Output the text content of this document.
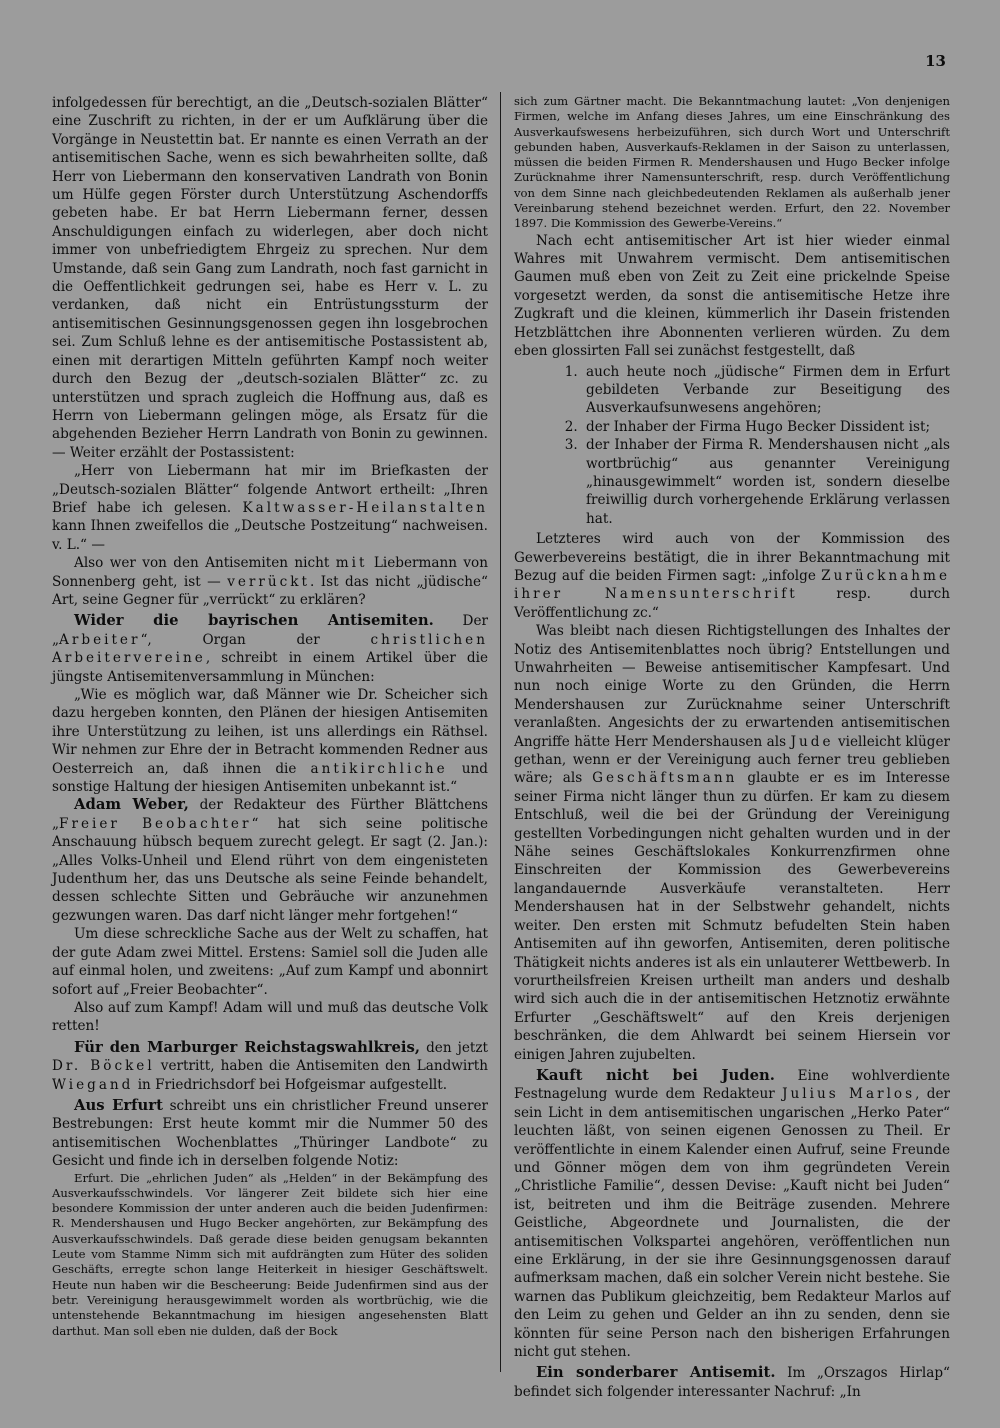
13

infolgedessen für berechtigt, an die „Deutsch-sozialen Blätter“ eine Zuschrift zu richten, in der er um Aufklärung über die Vorgänge in Neustettin bat. Er nannte es einen Verrath an der antisemitischen Sache, wenn es sich bewahrheiten sollte, daß Herr von Liebermann den konservativen Landrath von Bonin um Hülfe gegen Förster durch Unterstützung Aschendorffs gebeten habe. Er bat Herrn Liebermann ferner, dessen Anschuldigungen einfach zu widerlegen, aber doch nicht immer von unbefriedigtem Ehrgeiz zu sprechen. Nur dem Umstande, daß sein Gang zum Landrath, noch fast garnicht in die Oeffentlichkeit gedrungen sei, habe es Herr v. L. zu verdanken, daß nicht ein Entrüstungssturm der antisemitischen Gesinnungsgenossen gegen ihn losgebrochen sei. Zum Schluß lehne es der antisemitische Postassistent ab, einen mit derartigen Mitteln geführten Kampf noch weiter durch den Bezug der „deutsch-sozialen Blätter“ zc. zu unterstützen und sprach zugleich die Hoffnung aus, daß es Herrn von Liebermann gelingen möge, als Ersatz für die abgehenden Bezieher Herrn Landrath von Bonin zu gewinnen. — Weiter erzählt der Postassistent:

„Herr von Liebermann hat mir im Briefkasten der „Deutsch-sozialen Blätter“ folgende Antwort ertheilt: „Ihren Brief habe ich gelesen. Kaltwasser-Heilanstalten kann Ihnen zweifellos die „Deutsche Postzeitung“ nachweisen. v. L.“ —

Also wer von den Antisemiten nicht mit Liebermann von Sonnenberg geht, ist — verrückt. Ist das nicht „jüdische“ Art, seine Gegner für „verrückt“ zu erklären?

Wider die bayrischen Antisemiten. Der „Arbeiter“, Organ der christlichen Arbeitervereine, schreibt in einem Artikel über die jüngste Antisemitenversammlung in München:

„Wie es möglich war, daß Männer wie Dr. Scheicher sich dazu hergeben konnten, den Plänen der hiesigen Antisemiten ihre Unterstützung zu leihen, ist uns allerdings ein Räthsel. Wir nehmen zur Ehre der in Betracht kommenden Redner aus Oesterreich an, daß ihnen die antikirchliche und sonstige Haltung der hiesigen Antisemiten unbekannt ist.“

Adam Weber, der Redakteur des Fürther Blättchens „Freier Beobachter“ hat sich seine politische Anschauung hübsch bequem zurecht gelegt. Er sagt (2. Jan.): „Alles Volks-Unheil und Elend rührt von dem eingenisteten Judenthum her, das uns Deutsche als seine Feinde behandelt, dessen schlechte Sitten und Gebräuche wir anzunehmen gezwungen waren. Das darf nicht länger mehr fortgehen!“

Um diese schreckliche Sache aus der Welt zu schaffen, hat der gute Adam zwei Mittel. Erstens: Samiel soll die Juden alle auf einmal holen, und zweitens: „Auf zum Kampf und abonnirt sofort auf „Freier Beobachter“.

Also auf zum Kampf! Adam will und muß das deutsche Volk retten!

Für den Marburger Reichstagswahlkreis, den jetzt Dr. Böckel vertritt, haben die Antisemiten den Landwirth Wiegand in Friedrichsdorf bei Hofgeismar aufgestellt.

Aus Erfurt schreibt uns ein christlicher Freund unserer Bestrebungen: Erst heute kommt mir die Nummer 50 des antisemitischen Wochenblattes „Thüringer Landbote“ zu Gesicht und finde ich in derselben folgende Notiz:

Erfurt. Die „ehrlichen Juden“ als „Helden“ in der Bekämpfung des Ausverkaufsschwindels. Vor längerer Zeit bildete sich hier eine besondere Kommission der unter anderen auch die beiden Judenfirmen: R. Mendershausen und Hugo Becker angehörten, zur Bekämpfung des Ausverkaufsschwindels. Daß gerade diese beiden genugsam bekannten Leute vom Stamme Nimm sich mit aufdrängten zum Hüter des soliden Geschäfts, erregte schon lange Heiterkeit in hiesiger Geschäftswelt. Heute nun haben wir die Bescheerung: Beide Judenfirmen sind aus der betr. Vereinigung herausgewimmelt worden als wortbrüchig, wie die untenstehende Bekanntmachung im hiesigen angesehensten Blatt darthut. Man soll eben nie dulden, daß der Bock

sich zum Gärtner macht. Die Bekanntmachung lautet: „Von denjenigen Firmen, welche im Anfang dieses Jahres, um eine Einschränkung des Ausverkaufswesens herbeizuführen, sich durch Wort und Unterschrift gebunden haben, Ausverkaufs-Reklamen in der Saison zu unterlassen, müssen die beiden Firmen R. Mendershausen und Hugo Becker infolge Zurücknahme ihrer Namensunterschrift, resp. durch Veröffentlichung von dem Sinne nach gleichbedeutenden Reklamen als außerhalb jener Vereinbarung stehend bezeichnet werden. Erfurt, den 22. November 1897. Die Kommission des Gewerbe-Vereins.“

Nach echt antisemitischer Art ist hier wieder einmal Wahres mit Unwahrem vermischt. Dem antisemitischen Gaumen muß eben von Zeit zu Zeit eine prickelnde Speise vorgesetzt werden, da sonst die antisemitische Hetze ihre Zugkraft und die kleinen, kümmerlich ihr Dasein fristenden Hetzblättchen ihre Abonnenten verlieren würden. Zu dem eben glossirten Fall sei zunächst festgestellt, daß

1. auch heute noch „jüdische“ Firmen dem in Erfurt gebildeten Verbande zur Beseitigung des Ausverkaufsunwesens angehören;
2. der Inhaber der Firma Hugo Becker Dissident ist;
3. der Inhaber der Firma R. Mendershausen nicht „als wortbrüchig“ aus genannter Vereinigung „hinausgewimmelt“ worden ist, sondern dieselbe freiwillig durch vorhergehende Erklärung verlassen hat.

Letzteres wird auch von der Kommission des Gewerbevereins bestätigt, die in ihrer Bekanntmachung mit Bezug auf die beiden Firmen sagt: „infolge Zurücknahme ihrer Namensunterschrift resp. durch Veröffentlichung zc.“

Was bleibt nach diesen Richtigstellungen des Inhaltes der Notiz des Antisemitenblattes noch übrig? Entstellungen und Unwahrheiten — Beweise antisemitischer Kampfesart. Und nun noch einige Worte zu den Gründen, die Herrn Mendershausen zur Zurücknahme seiner Unterschrift veranlaßten. Angesichts der zu erwartenden antisemitischen Angriffe hätte Herr Mendershausen als Jude vielleicht klüger gethan, wenn er der Vereinigung auch ferner treu geblieben wäre; als Geschäftsmann glaubte er es im Interesse seiner Firma nicht länger thun zu dürfen. Er kam zu diesem Entschluß, weil die bei der Gründung der Vereinigung gestellten Vorbedingungen nicht gehalten wurden und in der Nähe seines Geschäftslokales Konkurrenzfirmen ohne Einschreiten der Kommission des Gewerbevereins langandauernde Ausverkäufe veranstalteten. Herr Mendershausen hat in der Selbstwehr gehandelt, nichts weiter. Den ersten mit Schmutz befudelten Stein haben Antisemiten auf ihn geworfen, Antisemiten, deren politische Thätigkeit nichts anderes ist als ein unlauterer Wettbewerb. In vorurtheilsfreien Kreisen urtheilt man anders und deshalb wird sich auch die in der antisemitischen Hetznotiz erwähnte Erfurter „Geschäftswelt“ auf den Kreis derjenigen beschränken, die dem Ahlwardt bei seinem Hiersein vor einigen Jahren zujubelten.

Kauft nicht bei Juden. Eine wohlverdiente Festnagelung wurde dem Redakteur Julius Marlos, der sein Licht in dem antisemitischen ungarischen „Herko Pater“ leuchten läßt, von seinen eigenen Genossen zu Theil. Er veröffentlichte in einem Kalender einen Aufruf, seine Freunde und Gönner mögen dem von ihm gegründeten Verein „Christliche Familie“, dessen Devise: „Kauft nicht bei Juden“ ist, beitreten und ihm die Beiträge zusenden. Mehrere Geistliche, Abgeordnete und Journalisten, die der antisemitischen Volkspartei angehören, veröffentlichen nun eine Erklärung, in der sie ihre Gesinnungsgenossen darauf aufmerksam machen, daß ein solcher Verein nicht bestehe. Sie warnen das Publikum gleichzeitig, bem Redakteur Marlos auf den Leim zu gehen und Gelder an ihn zu senden, denn sie könnten für seine Person nach den bisherigen Erfahrungen nicht gut stehen.

Ein sonderbarer Antisemit. Im „Orszagos Hirlap“ befindet sich folgender interessanter Nachruf: „In
